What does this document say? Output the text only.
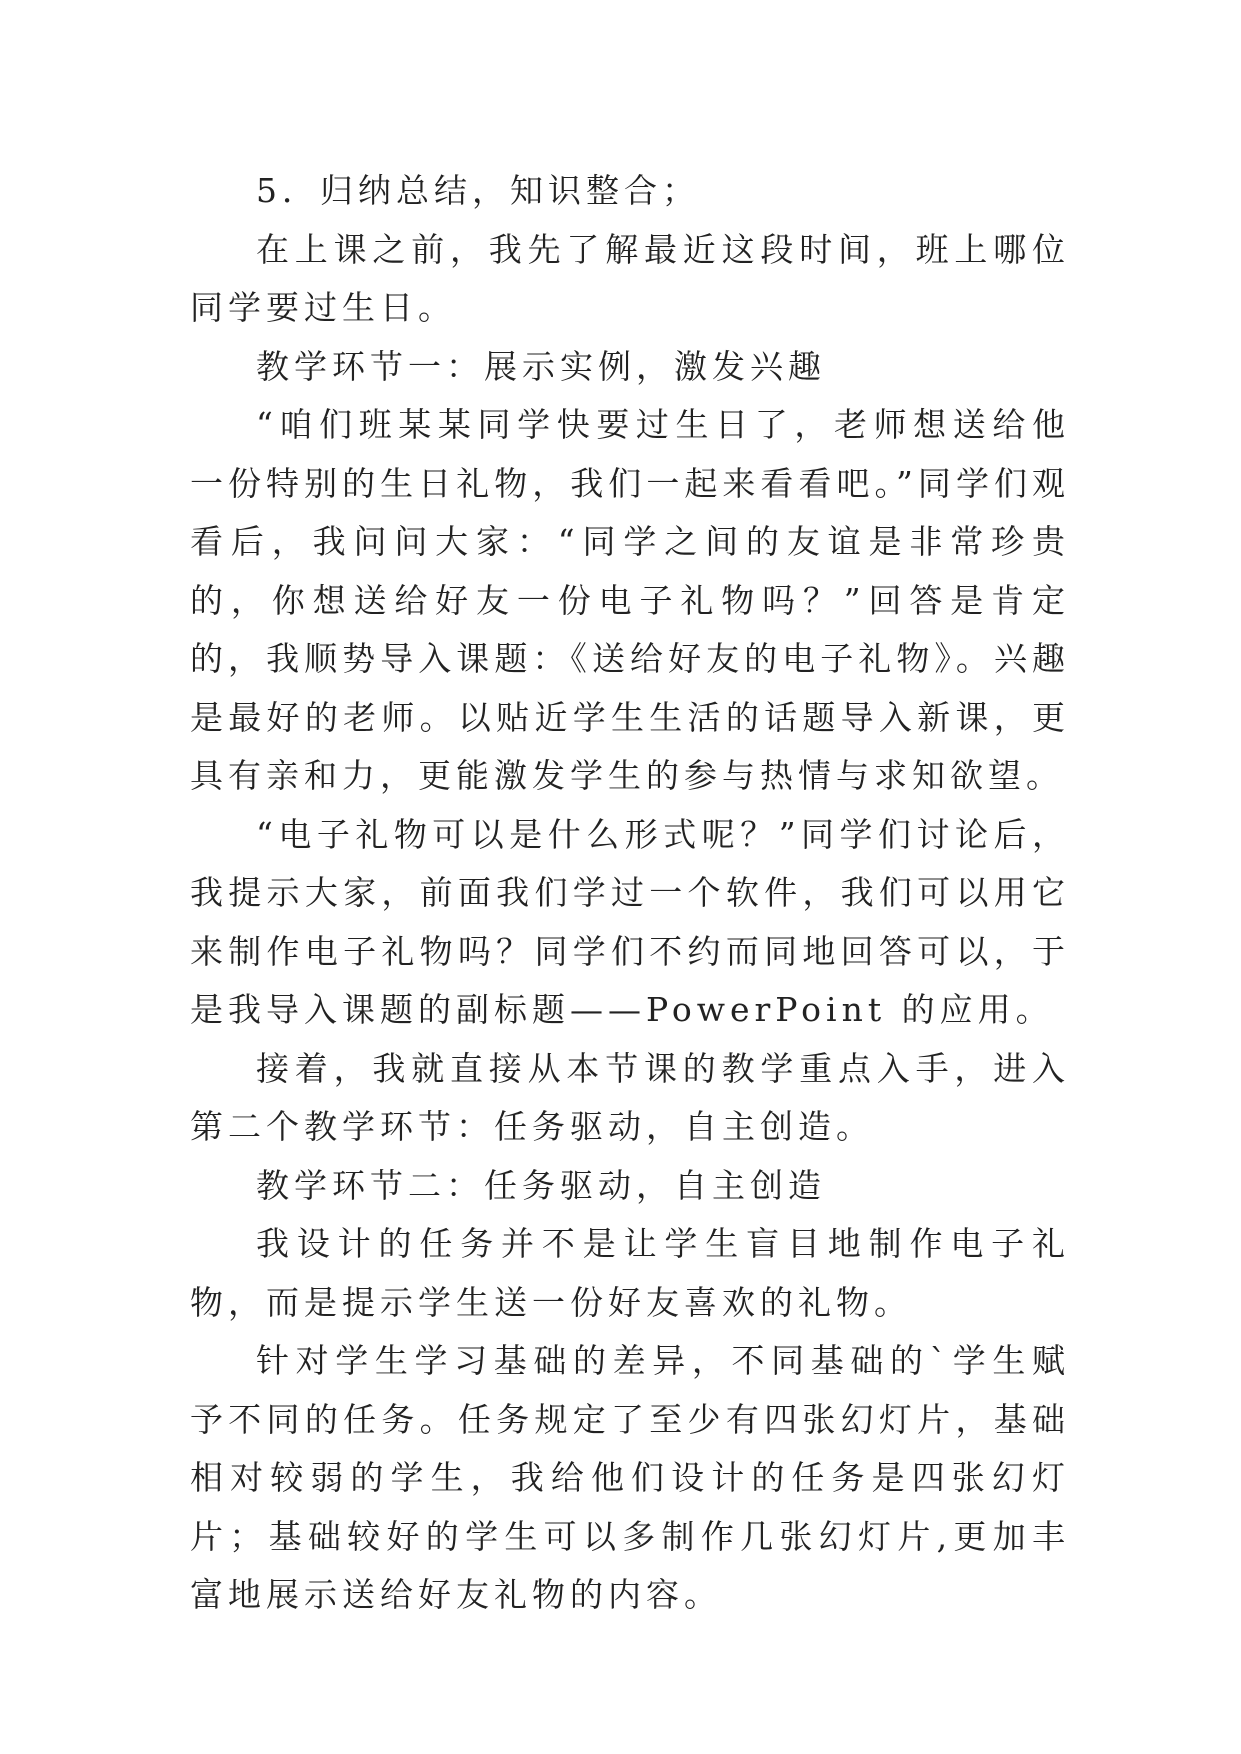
5．归纳总结，知识整合；

在上课之前，我先了解最近这段时间，班上哪位同学要过生日。

教学环节一：展示实例，激发兴趣

“咱们班某某同学快要过生日了，老师想送给他一份特别的生日礼物，我们一起来看看吧。”同学们观看后，我问问大家：“同学之间的友谊是非常珍贵的，你想送给好友一份电子礼物吗？”回答是肯定的，我顺势导入课题：《送给好友的电子礼物》。兴趣是最好的老师。以贴近学生生活的话题导入新课，更具有亲和力，更能激发学生的参与热情与求知欲望。

“电子礼物可以是什么形式呢？”同学们讨论后，我提示大家，前面我们学过一个软件，我们可以用它来制作电子礼物吗？同学们不约而同地回答可以，于是我导入课题的副标题——PowerPoint 的应用。

接着，我就直接从本节课的教学重点入手，进入第二个教学环节：任务驱动，自主创造。

教学环节二：任务驱动，自主创造

我设计的任务并不是让学生盲目地制作电子礼物，而是提示学生送一份好友喜欢的礼物。

针对学生学习基础的差异，不同基础的`学生赋予不同的任务。任务规定了至少有四张幻灯片，基础相对较弱的学生，我给他们设计的任务是四张幻灯片；基础较好的学生可以多制作几张幻灯片,更加丰富地展示送给好友礼物的内容。
